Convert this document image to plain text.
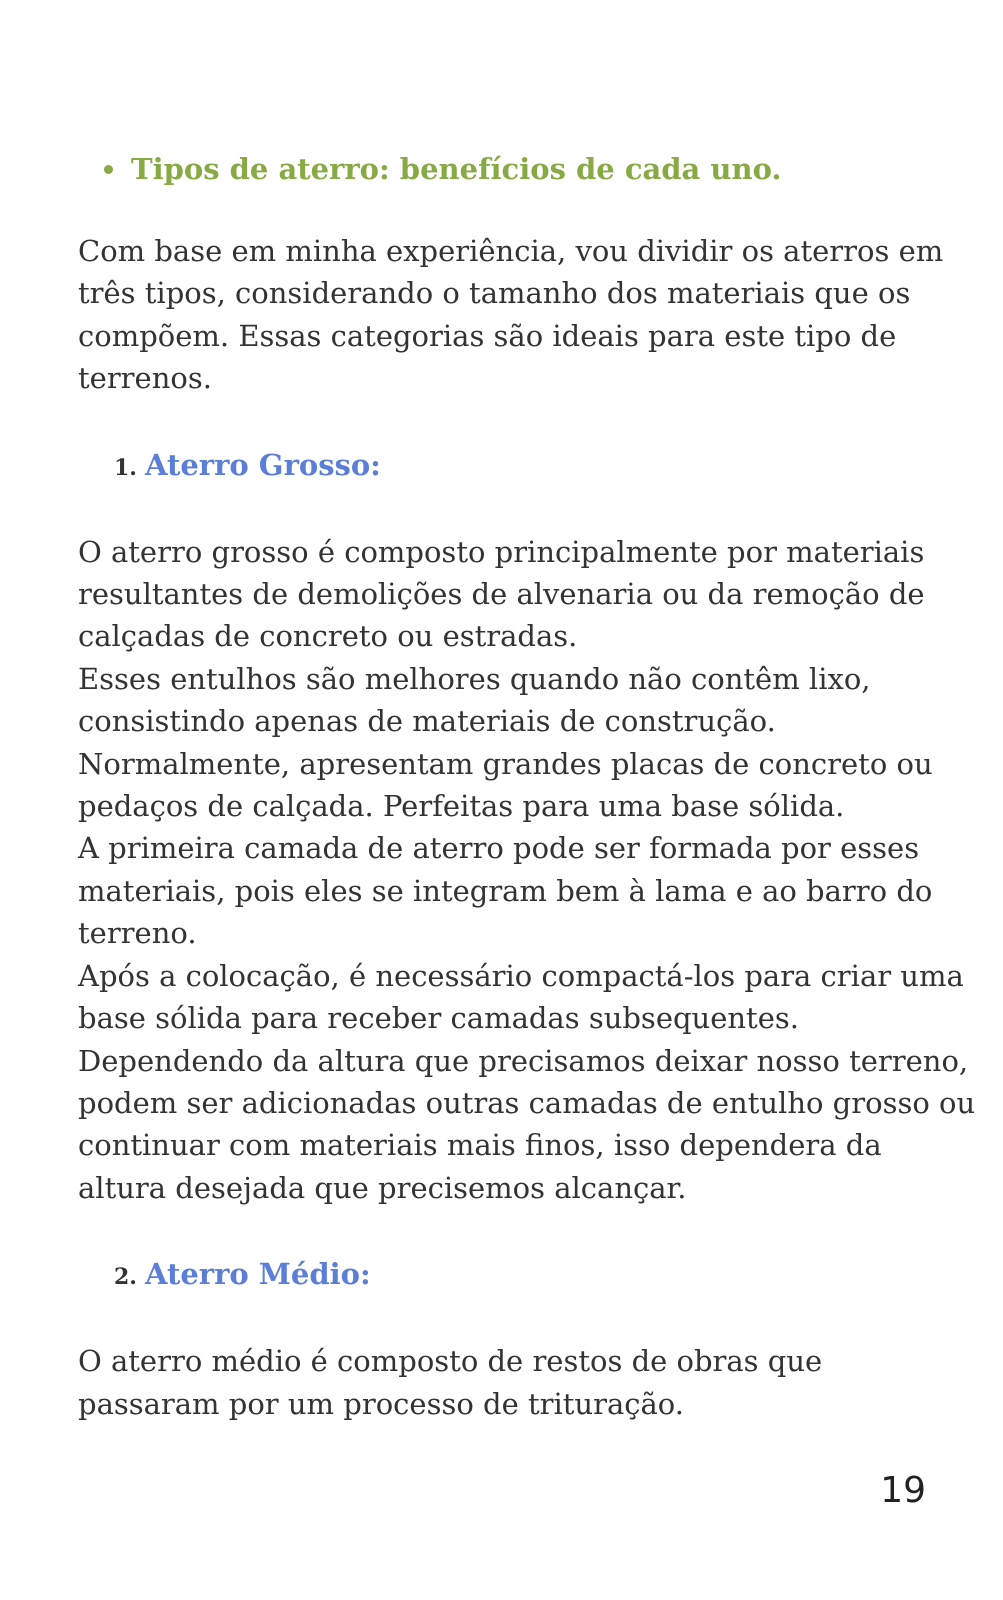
Tipos de aterro: benefícios de cada uno.

Com base em minha experiência, vou dividir os aterros em
três tipos, considerando o tamanho dos materiais que os
compõem. Essas categorias são ideais para este tipo de
terrenos.

1. Aterro Grosso:

O aterro grosso é composto principalmente por materiais
resultantes de demolições de alvenaria ou da remoção de
calçadas de concreto ou estradas.
Esses entulhos são melhores quando não contêm lixo,
consistindo apenas de materiais de construção.
Normalmente, apresentam grandes placas de concreto ou
pedaços de calçada. Perfeitas para uma base sólida.
A primeira camada de aterro pode ser formada por esses
materiais, pois eles se integram bem à lama e ao barro do
terreno.
Após a colocação, é necessário compactá-los para criar uma
base sólida para receber camadas subsequentes.
Dependendo da altura que precisamos deixar nosso terreno,
podem ser adicionadas outras camadas de entulho grosso ou
continuar com materiais mais finos, isso dependera da
altura desejada que precisemos alcançar.

2. Aterro Médio:

O aterro médio é composto de restos de obras que
passaram por um processo de trituração.

19
